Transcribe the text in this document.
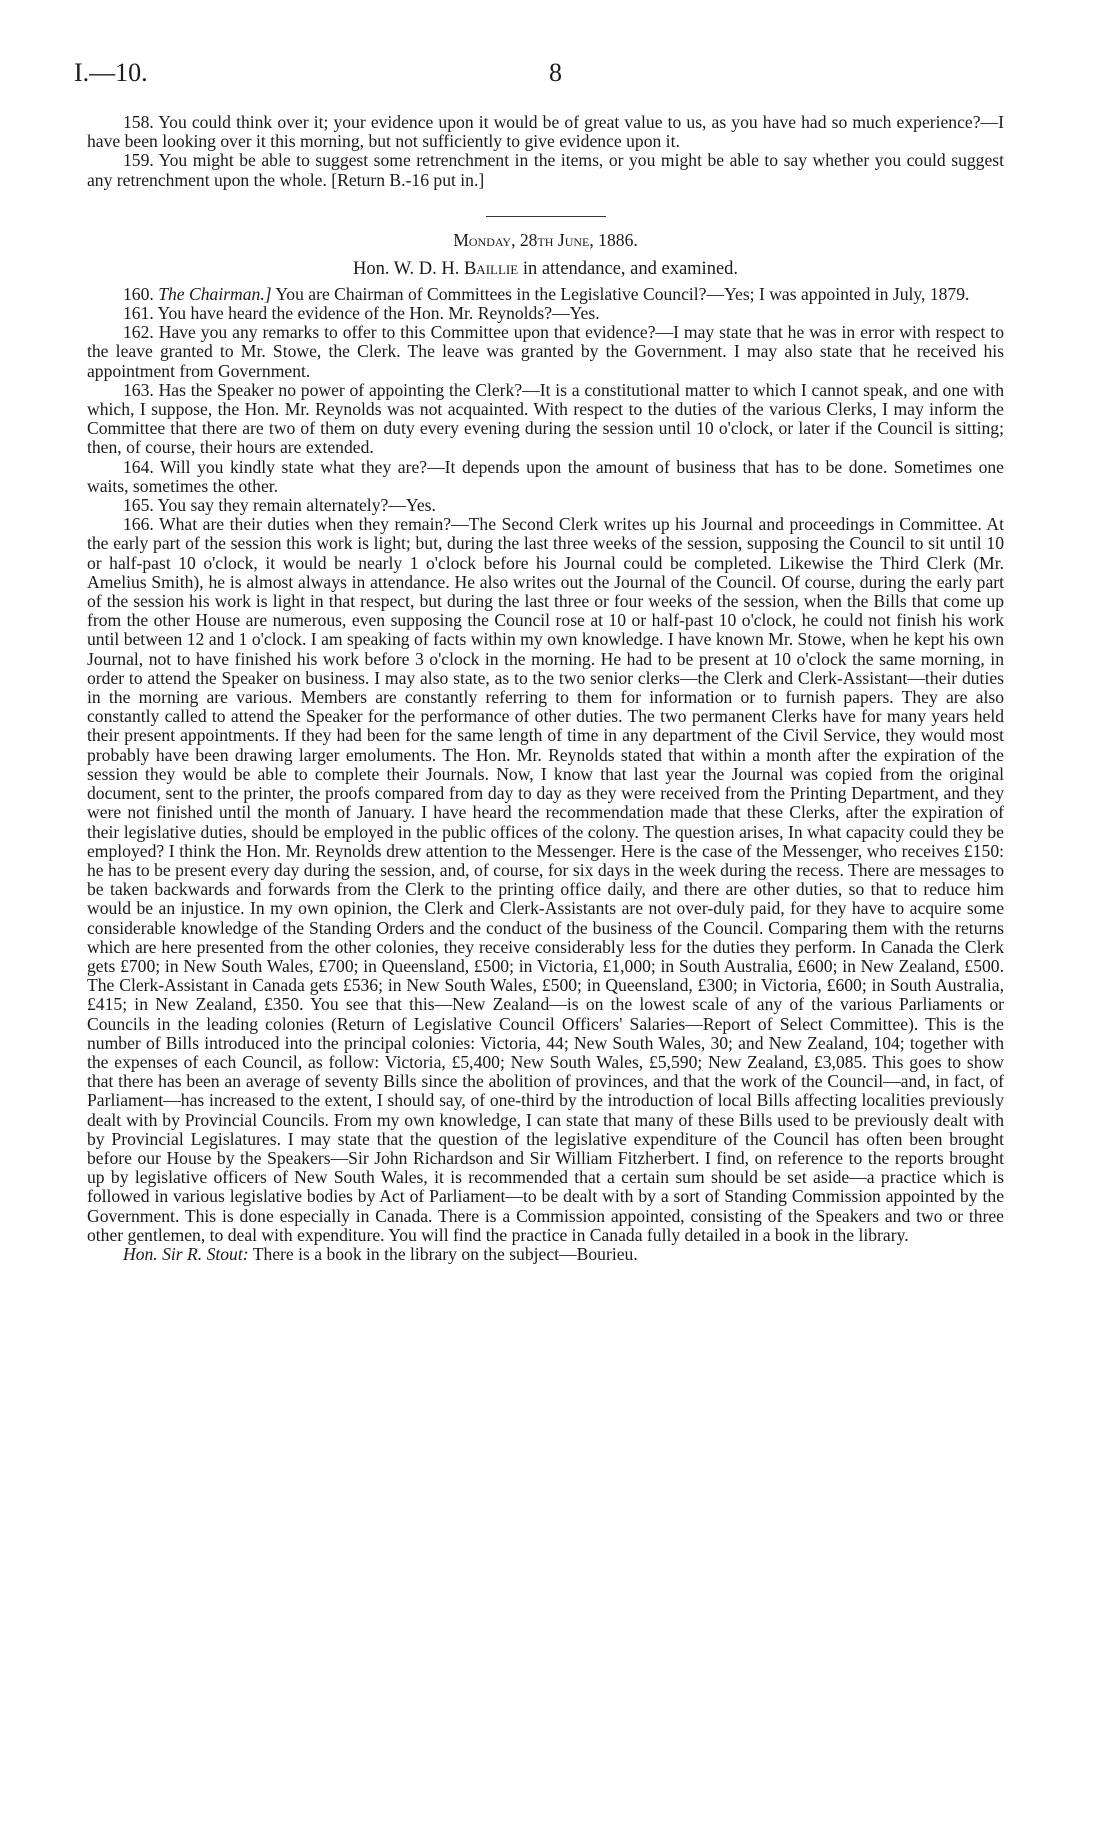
I.—10.	8

158. You could think over it; your evidence upon it would be of great value to us, as you have had so much experience?—I have been looking over it this morning, but not sufficiently to give evidence upon it.

159. You might be able to suggest some retrenchment in the items, or you might be able to say whether you could suggest any retrenchment upon the whole. [Return B.-16 put in.]

Monday, 28th June, 1886.
Hon. W. D. H. Baillie in attendance, and examined.

160. The Chairman.] You are Chairman of Committees in the Legislative Council?—Yes; I was appointed in July, 1879.

161. You have heard the evidence of the Hon. Mr. Reynolds?—Yes.

162. Have you any remarks to offer to this Committee upon that evidence?—I may state that he was in error with respect to the leave granted to Mr. Stowe, the Clerk. The leave was granted by the Government. I may also state that he received his appointment from Government.

163. Has the Speaker no power of appointing the Clerk?—It is a constitutional matter to which I cannot speak, and one with which, I suppose, the Hon. Mr. Reynolds was not acquainted. With respect to the duties of the various Clerks, I may inform the Committee that there are two of them on duty every evening during the session until 10 o'clock, or later if the Council is sitting; then, of course, their hours are extended.

164. Will you kindly state what they are?—It depends upon the amount of business that has to be done. Sometimes one waits, sometimes the other.

165. You say they remain alternately?—Yes.

166. What are their duties when they remain?—The Second Clerk writes up his Journal and proceedings in Committee. At the early part of the session this work is light; but, during the last three weeks of the session, supposing the Council to sit until 10 or half-past 10 o'clock, it would be nearly 1 o'clock before his Journal could be completed. Likewise the Third Clerk (Mr. Amelius Smith), he is almost always in attendance. He also writes out the Journal of the Council. Of course, during the early part of the session his work is light in that respect, but during the last three or four weeks of the session, when the Bills that come up from the other House are numerous, even supposing the Council rose at 10 or half-past 10 o'clock, he could not finish his work until between 12 and 1 o'clock. I am speaking of facts within my own knowledge. I have known Mr. Stowe, when he kept his own Journal, not to have finished his work before 3 o'clock in the morning. He had to be present at 10 o'clock the same morning, in order to attend the Speaker on business. I may also state, as to the two senior clerks—the Clerk and Clerk-Assistant—their duties in the morning are various. Members are constantly referring to them for information or to furnish papers. They are also constantly called to attend the Speaker for the performance of other duties. The two permanent Clerks have for many years held their present appointments. If they had been for the same length of time in any department of the Civil Service, they would most probably have been drawing larger emoluments. The Hon. Mr. Reynolds stated that within a month after the expiration of the session they would be able to complete their Journals. Now, I know that last year the Journal was copied from the original document, sent to the printer, the proofs compared from day to day as they were received from the Printing Department, and they were not finished until the month of January. I have heard the recommendation made that these Clerks, after the expiration of their legislative duties, should be employed in the public offices of the colony. The question arises, In what capacity could they be employed? I think the Hon. Mr. Reynolds drew attention to the Messenger. Here is the case of the Messenger, who receives £150: he has to be present every day during the session, and, of course, for six days in the week during the recess. There are messages to be taken backwards and forwards from the Clerk to the printing office daily, and there are other duties, so that to reduce him would be an injustice. In my own opinion, the Clerk and Clerk-Assistants are not over-duly paid, for they have to acquire some considerable knowledge of the Standing Orders and the conduct of the business of the Council. Comparing them with the returns which are here presented from the other colonies, they receive considerably less for the duties they perform. In Canada the Clerk gets £700; in New South Wales, £700; in Queensland, £500; in Victoria, £1,000; in South Australia, £600; in New Zealand, £500. The Clerk-Assistant in Canada gets £536; in New South Wales, £500; in Queensland, £300; in Victoria, £600; in South Australia, £415; in New Zealand, £350. You see that this—New Zealand—is on the lowest scale of any of the various Parliaments or Councils in the leading colonies (Return of Legislative Council Officers' Salaries—Report of Select Committee). This is the number of Bills introduced into the principal colonies: Victoria, 44; New South Wales, 30; and New Zealand, 104; together with the expenses of each Council, as follow: Victoria, £5,400; New South Wales, £5,590; New Zealand, £3,085. This goes to show that there has been an average of seventy Bills since the abolition of provinces, and that the work of the Council—and, in fact, of Parliament—has increased to the extent, I should say, of one-third by the introduction of local Bills affecting localities previously dealt with by Provincial Councils. From my own knowledge, I can state that many of these Bills used to be previously dealt with by Provincial Legislatures. I may state that the question of the legislative expenditure of the Council has often been brought before our House by the Speakers—Sir John Richardson and Sir William Fitzherbert. I find, on reference to the reports brought up by legislative officers of New South Wales, it is recommended that a certain sum should be set aside—a practice which is followed in various legislative bodies by Act of Parliament—to be dealt with by a sort of Standing Commission appointed by the Government. This is done especially in Canada. There is a Commission appointed, consisting of the Speakers and two or three other gentlemen, to deal with expenditure. You will find the practice in Canada fully detailed in a book in the library.

Hon. Sir R. Stout: There is a book in the library on the subject—Bourieu.
